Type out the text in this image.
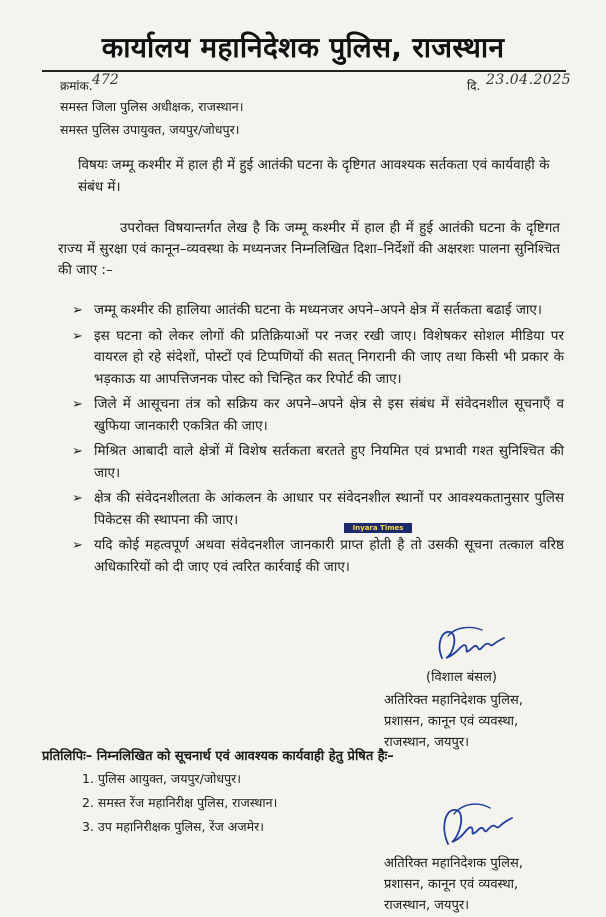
कार्यालय महानिदेशक पुलिस, राजस्थान
क्रमांक. 472	दि. 23.04.2025
समस्त जिला पुलिस अधीक्षक, राजस्थान।
समस्त पुलिस उपायुक्त, जयपुर/जोधपुर।
विषयः जम्मू कश्मीर में हाल ही में हुई आतंकी घटना के दृष्टिगत आवश्यक सर्तकता एवं कार्यवाही के संबंध में।
उपरोक्त विषयान्तर्गत लेख है कि जम्मू कश्मीर में हाल ही में हुई आतंकी घटना के दृष्टिगत राज्य में सुरक्षा एवं कानून–व्यवस्था के मध्यनजर निम्नलिखित दिशा–निर्देशों की अक्षरशः पालना सुनिश्चित की जाए :–
➢ जम्मू कश्मीर की हालिया आतंकी घटना के मध्यनजर अपने–अपने क्षेत्र में सर्तकता बढाई जाए।
➢ इस घटना को लेकर लोगों की प्रतिक्रियाओं पर नजर रखी जाए। विशेषकर सोशल मीडिया पर वायरल हो रहे संदेशों, पोस्टों एवं टिप्पणियों की सतत् निगरानी की जाए तथा किसी भी प्रकार के भड़काऊ या आपत्तिजनक पोस्ट को चिन्हित कर रिपोर्ट की जाए।
➢ जिले में आसूचना तंत्र को सक्रिय कर अपने–अपने क्षेत्र से इस संबंध में संवेदनशील सूचनाएँ व खुफिया जानकारी एकत्रित की जाए।
➢ मिश्रित आबादी वाले क्षेत्रों में विशेष सर्तकता बरतते हुए नियमित एवं प्रभावी गश्त सुनिश्चित की जाए।
➢ क्षेत्र की संवेदनशीलता के आंकलन के आधार पर संवेदनशील स्थानों पर आवश्यकतानुसार पुलिस पिकेटस की स्थापना की जाए।
➢ यदि कोई महत्वपूर्ण अथवा संवेदनशील जानकारी प्राप्त होती है तो उसकी सूचना तत्काल वरिष्ठ अधिकारियों को दी जाए एवं त्वरित कार्रवाई की जाए।
Inyara Times
(विशाल बंसल)
अतिरिक्त महानिदेशक पुलिस,
प्रशासन, कानून एवं व्यवस्था,
राजस्थान, जयपुर।
प्रतिलिपिः– निम्नलिखित को सूचनार्थ एवं आवश्यक कार्यवाही हेतु प्रेषित हैः–
1. पुलिस आयुक्त, जयपुर/जोधपुर।
2. समस्त रेंज महानिरीक्ष पुलिस, राजस्थान।
3. उप महानिरीक्षक पुलिस, रेंज अजमेर।
अतिरिक्त महानिदेशक पुलिस,
प्रशासन, कानून एवं व्यवस्था,
राजस्थान, जयपुर।
